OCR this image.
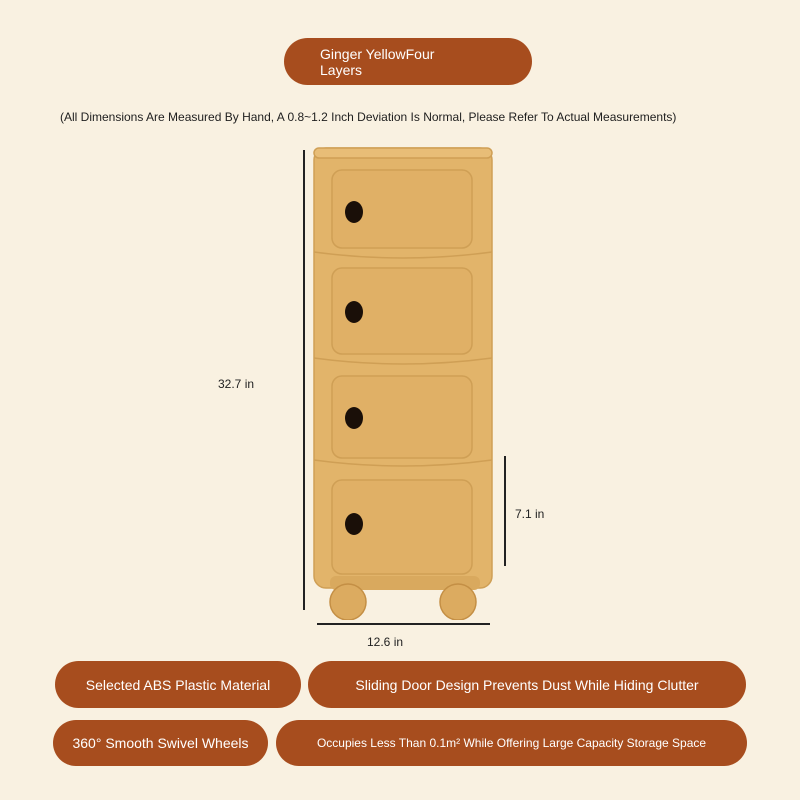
Ginger YellowFour Layers
(All Dimensions Are Measured By Hand, A 0.8~1.2 Inch Deviation Is Normal, Please Refer To Actual Measurements)
32.7 in
7.1 in
12.6 in
Selected ABS Plastic Material	Sliding Door Design Prevents Dust While Hiding Clutter
360° Smooth Swivel Wheels	Occupies Less Than 0.1m² While Offering Large Capacity Storage Space
